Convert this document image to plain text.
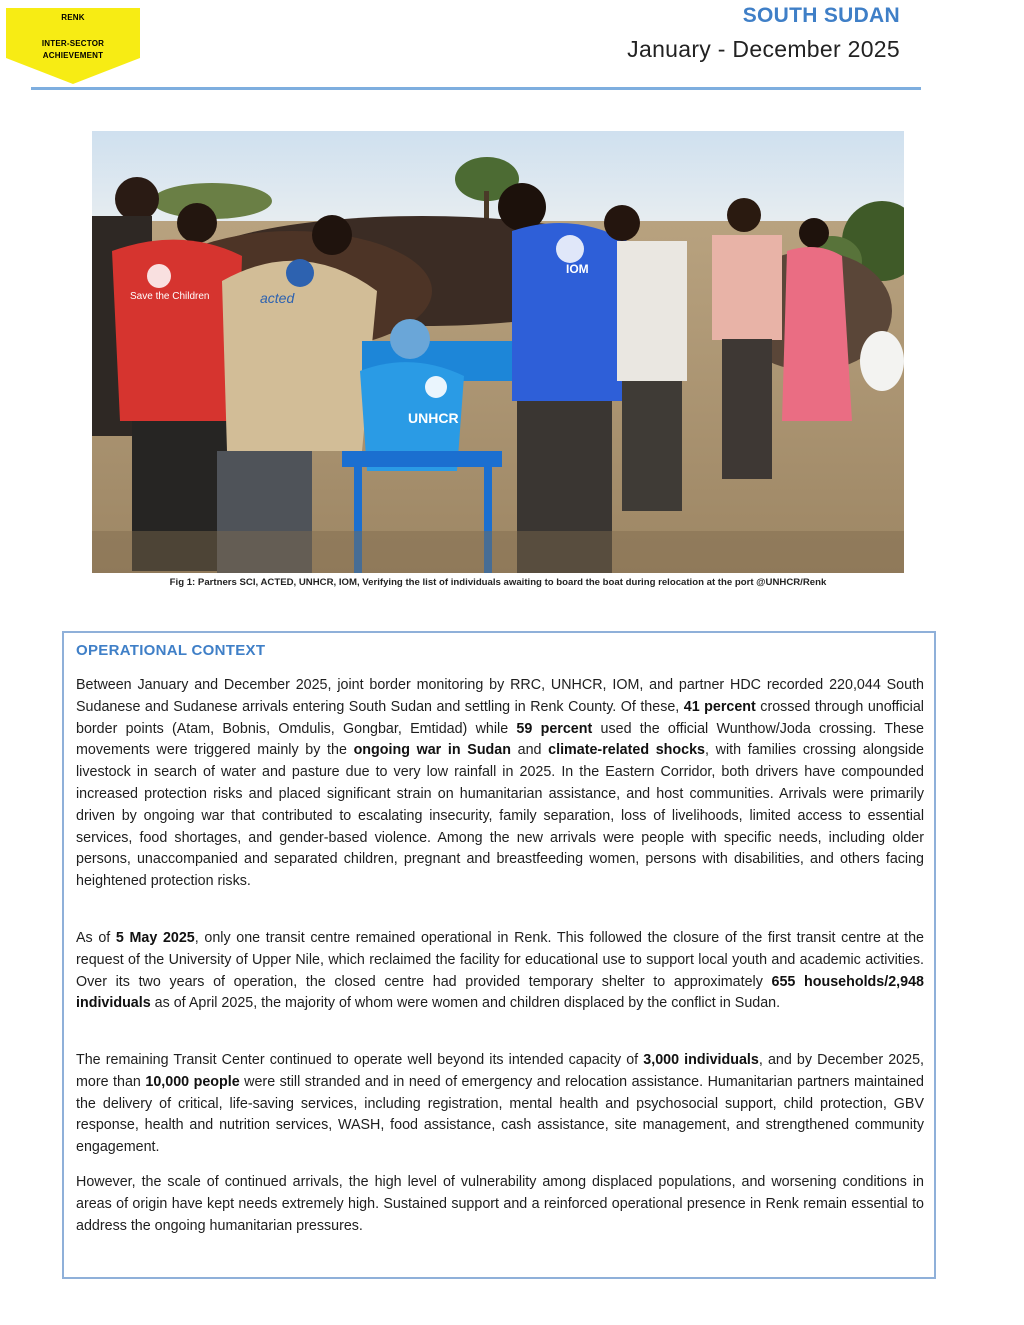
RENK
INTER-SECTOR
ACHIEVEMENT
SOUTH SUDAN
January - December 2025
Save the Children	acted
UNHCR
IOM
Fig 1: Partners SCI, ACTED, UNHCR, IOM, Verifying the list of individuals awaiting to board the boat during relocation at the port @UNHCR/Renk
OPERATIONAL CONTEXT

Between January and December 2025, joint border monitoring by RRC, UNHCR, IOM, and partner HDC recorded 220,044 South Sudanese and Sudanese arrivals entering South Sudan and settling in Renk County. Of these, 41 percent crossed through unofficial border points (Atam, Bobnis, Omdulis, Gongbar, Emtidad) while 59 percent used the official Wunthow/Joda crossing. These movements were triggered mainly by the ongoing war in Sudan and climate-related shocks, with families crossing alongside livestock in search of water and pasture due to very low rainfall in 2025. In the Eastern Corridor, both drivers have compounded increased protection risks and placed significant strain on humanitarian assistance, and host communities. Arrivals were primarily driven by ongoing war that contributed to escalating insecurity, family separation, loss of livelihoods, limited access to essential services, food shortages, and gender-based violence. Among the new arrivals were people with specific needs, including older persons, unaccompanied and separated children, pregnant and breastfeeding women, persons with disabilities, and others facing heightened protection risks.

As of 5 May 2025, only one transit centre remained operational in Renk. This followed the closure of the first transit centre at the request of the University of Upper Nile, which reclaimed the facility for educational use to support local youth and academic activities. Over its two years of operation, the closed centre had provided temporary shelter to approximately 655 households/2,948 individuals as of April 2025, the majority of whom were women and children displaced by the conflict in Sudan.

The remaining Transit Center continued to operate well beyond its intended capacity of 3,000 individuals, and by December 2025, more than 10,000 people were still stranded and in need of emergency and relocation assistance. Humanitarian partners maintained the delivery of critical, life-saving services, including registration, mental health and psychosocial support, child protection, GBV response, health and nutrition services, WASH, food assistance, cash assistance, site management, and strengthened community engagement.

However, the scale of continued arrivals, the high level of vulnerability among displaced populations, and worsening conditions in areas of origin have kept needs extremely high. Sustained support and a reinforced operational presence in Renk remain essential to address the ongoing humanitarian pressures.
